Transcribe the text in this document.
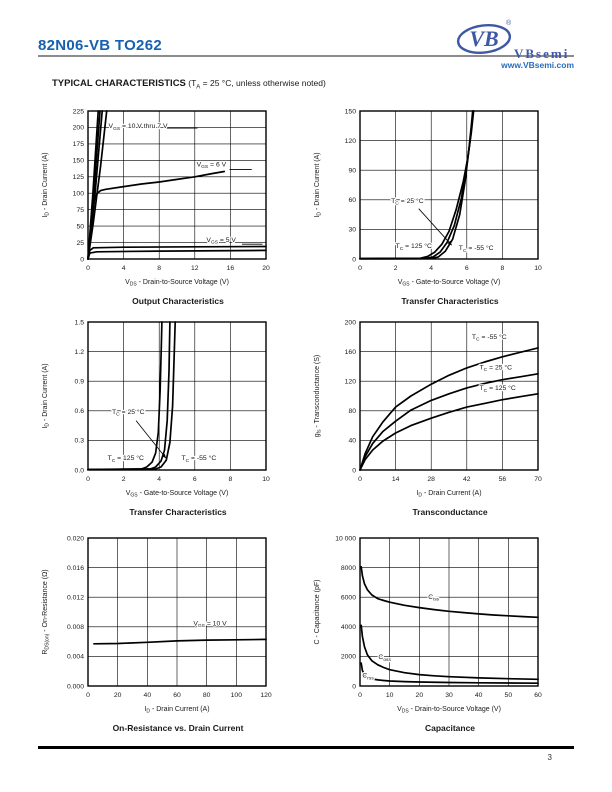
82N06-VB TO262	VB
®
VBsemi
www.VBsemi.com
TYPICAL CHARACTERISTICS ($T_A = 25$ °C, unless otherwise noted)
0	4	8	12	16	20
0
25
50
75
100
125
150
175
200
225
$V_{DS}$ - Drain-to-Source Voltage (V)
$I_D$ - Drain Current (A)
$V_{GS} = 10$ V thru 7 V
$V_{GS} = 6$ V
$V_{GS} = 5$ V
Output Characteristics
0	2	4	6	8	10
0
30
60
90
120
150
$V_{GS}$ - Gate-to-Source Voltage (V)
$I_D$ - Drain Current (A)	$T_C = 25$ °C
$T_C = 125$ °C	$T_C = -55$ °C
Transfer Characteristics
0	2	4	6	8	10
0.0
0.3
0.6
0.9
1.2
1.5
$V_{GS}$ - Gate-to-Source Voltage (V)
$I_D$ - Drain Current (A)	$T_C = 25$ °C
$T_C = 125$ °C	$T_C = -55$ °C
Transfer Characteristics
0	14	28	42	56	70
0
40
80
120
160
200
$I_D$ - Drain Current (A)
$g_{fs}$ - Transconductance (S)
$T_C = -55$ °C
$T_C = 25$ °C
$T_C = 125$ °C
Transconductance
0	20	40	60	80	100	120
0.000
0.004
0.008
0.012
0.016
0.020
$I_D$ - Drain Current (A)
$R_{DS(on)}$ - On-Resistance (Ω)	$V_{GS} = 10$ V
On-Resistance vs. Drain Current
0	10	20	30	40	50	60
0
2000
4000
6000
8000
10 000
$V_{DS}$ - Drain-to-Source Voltage (V)
C - Capacitance (pF)	$C_{iss}$
$C_{oss}$
$C_{rss}$
Capacitance
3
